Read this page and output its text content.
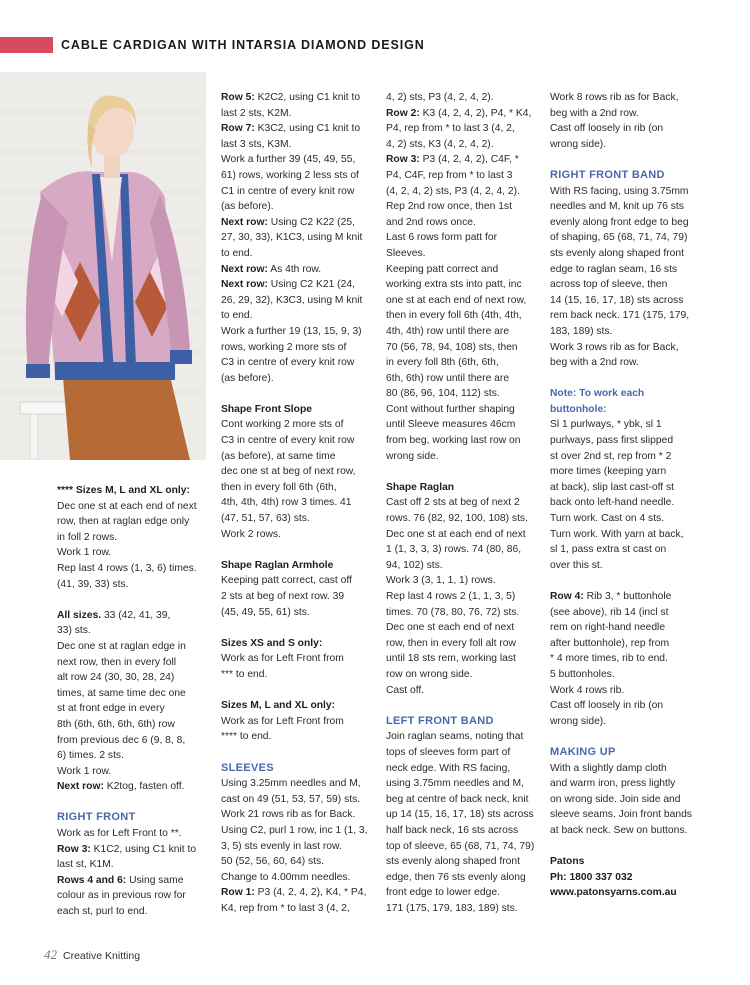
CABLE CARDIGAN WITH INTARSIA DIAMOND DESIGN

**** Sizes M, L and XL only:

Dec one st at each end of next

row, then at raglan edge only

in foll 2 rows.

Work 1 row.

Rep last 4 rows (1, 3, 6) times.

(41, 39, 33) sts.

All sizes. 33 (42, 41, 39,

33) sts.

Dec one st at raglan edge in

next row, then in every foll

alt row 24 (30, 30, 28, 24)

times, at same time dec one

st at front edge in every

8th (6th, 6th, 6th, 6th) row

from previous dec 6 (9, 8, 8,

6) times. 2 sts.

Work 1 row.

Next row: K2tog, fasten off.

RIGHT FRONT

Work as for Left Front to **.

Row 3: K1C2, using C1 knit to

last st, K1M.

Rows 4 and 6: Using same

colour as in previous row for

each st, purl to end.

Row 5: K2C2, using C1 knit to

last 2 sts, K2M.

Row 7: K3C2, using C1 knit to

last 3 sts, K3M.

Work a further 39 (45, 49, 55,

61) rows, working 2 less sts of

C1 in centre of every knit row

(as before).

Next row: Using C2 K22 (25,

27, 30, 33), K1C3, using M knit

to end.

Next row: As 4th row.

Next row: Using C2 K21 (24,

26, 29, 32), K3C3, using M knit

to end.

Work a further 19 (13, 15, 9, 3)

rows, working 2 more sts of

C3 in centre of every knit row

(as before).

Shape Front Slope

Cont working 2 more sts of

C3 in centre of every knit row

(as before), at same time

dec one st at beg of next row,

then in every foll 6th (6th,

4th, 4th, 4th) row 3 times. 41

(47, 51, 57, 63) sts.

Work 2 rows.

Shape Raglan Armhole

Keeping patt correct, cast off

2 sts at beg of next row. 39

(45, 49, 55, 61) sts.

Sizes XS and S only:

Work as for Left Front from

*** to end.

Sizes M, L and XL only:

Work as for Left Front from

**** to end.

SLEEVES

Using 3.25mm needles and M,

cast on 49 (51, 53, 57, 59) sts.

Work 21 rows rib as for Back.

Using C2, purl 1 row, inc 1 (1, 3,

3, 5) sts evenly in last row.

50 (52, 56, 60, 64) sts.

Change to 4.00mm needles.

Row 1: P3 (4, 2, 4, 2), K4, * P4,

K4, rep from * to last 3 (4, 2,

4, 2) sts, P3 (4, 2, 4, 2).

Row 2: K3 (4, 2, 4, 2), P4, * K4,

P4, rep from * to last 3 (4, 2,

4, 2) sts, K3 (4, 2, 4, 2).

Row 3: P3 (4, 2, 4, 2), C4F, *

P4, C4F, rep from * to last 3

(4, 2, 4, 2) sts, P3 (4, 2, 4, 2).

Rep 2nd row once, then 1st

and 2nd rows once.

Last 6 rows form patt for

Sleeves.

Keeping patt correct and

working extra sts into patt, inc

one st at each end of next row,

then in every foll 6th (4th, 4th,

4th, 4th) row until there are

70 (56, 78, 94, 108) sts, then

in every foll 8th (6th, 6th,

6th, 6th) row until there are

80 (86, 96, 104, 112) sts.

Cont without further shaping

until Sleeve measures 46cm

from beg, working last row on

wrong side.

Shape Raglan

Cast off 2 sts at beg of next 2

rows. 76 (82, 92, 100, 108) sts.

Dec one st at each end of next

1 (1, 3, 3, 3) rows. 74 (80, 86,

94, 102) sts.

Work 3 (3, 1, 1, 1) rows.

Rep last 4 rows 2 (1, 1, 3, 5)

times. 70 (78, 80, 76, 72) sts.

Dec one st each end of next

row, then in every foll alt row

until 18 sts rem, working last

row on wrong side.

Cast off.

LEFT FRONT BAND

Join raglan seams, noting that

tops of sleeves form part of

neck edge. With RS facing,

using 3.75mm needles and M,

beg at centre of back neck, knit

up 14 (15, 16, 17, 18) sts across

half back neck, 16 sts across

top of sleeve, 65 (68, 71, 74, 79)

sts evenly along shaped front

edge, then 76 sts evenly along

front edge to lower edge.

171 (175, 179, 183, 189) sts.

Work 8 rows rib as for Back,

beg with a 2nd row.

Cast off loosely in rib (on

wrong side).

RIGHT FRONT BAND

With RS facing, using 3.75mm

needles and M, knit up 76 sts

evenly along front edge to beg

of shaping, 65 (68, 71, 74, 79)

sts evenly along shaped front

edge to raglan seam, 16 sts

across top of sleeve, then

14 (15, 16, 17, 18) sts across

rem back neck. 171 (175, 179,

183, 189) sts.

Work 3 rows rib as for Back,

beg with a 2nd row.

Note: To work each

buttonhole:

Sl 1 purlways, * ybk, sl 1

purlways, pass first slipped

st over 2nd st, rep from * 2

more times (keeping yarn

at back), slip last cast-off st

back onto left-hand needle.

Turn work. Cast on 4 sts.

Turn work. With yarn at back,

sl 1, pass extra st cast on

over this st.

Row 4: Rib 3, * buttonhole

(see above), rib 14 (incl st

rem on right-hand needle

after buttonhole), rep from

* 4 more times, rib to end.

5 buttonholes.

Work 4 rows rib.

Cast off loosely in rib (on

wrong side).

MAKING UP

With a slightly damp cloth

and warm iron, press lightly

on wrong side. Join side and

sleeve seams. Join front bands

at back neck. Sew on buttons.

Patons

Ph: 1800 337 032

www.patonsyarns.com.au

42 Creative Knitting
